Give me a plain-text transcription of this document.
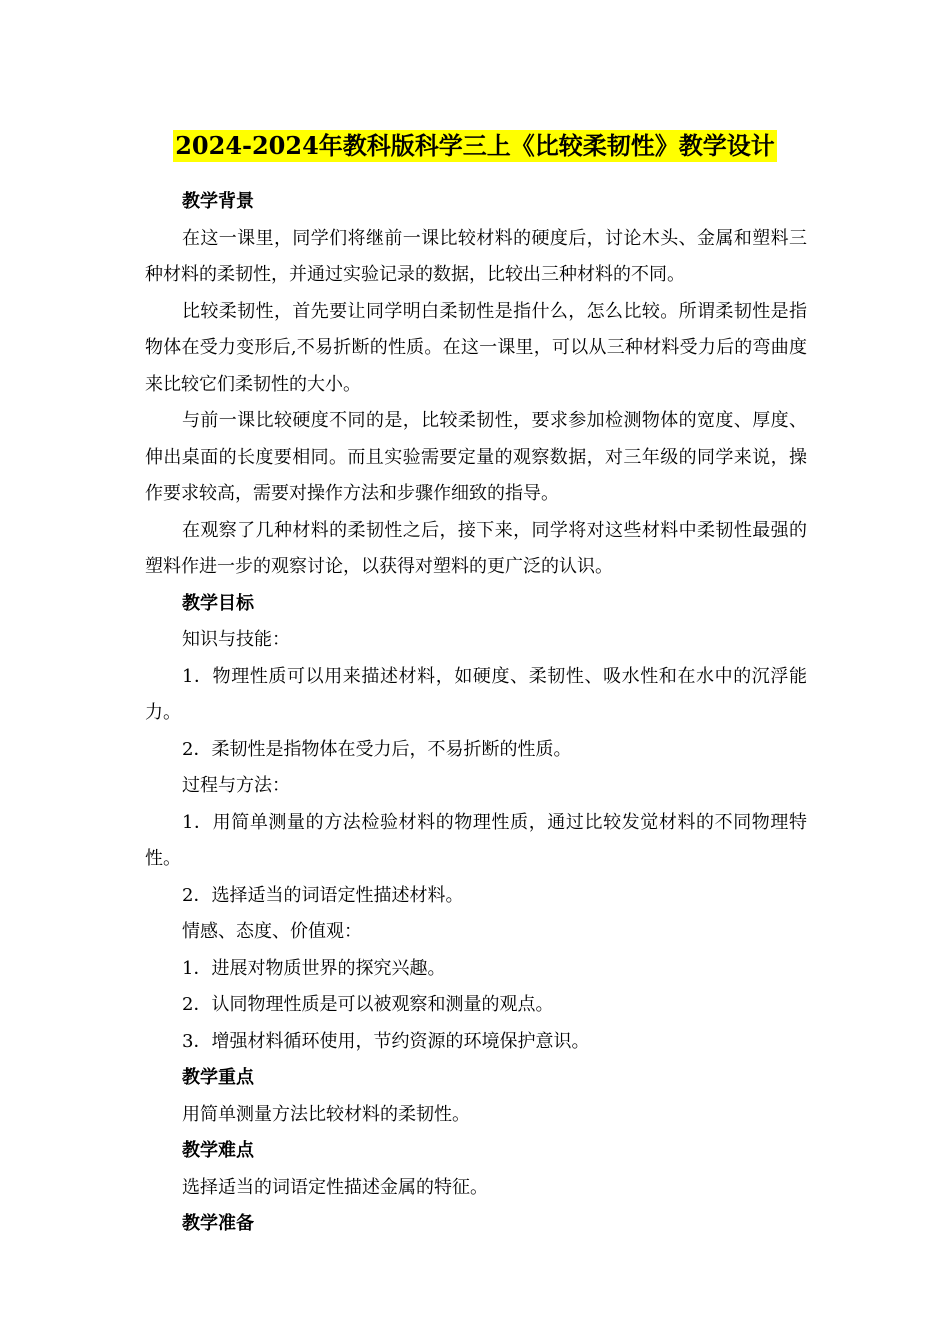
2024-2024年教科版科学三上《比较柔韧性》教学设计

教学背景

在这一课里，同学们将继前一课比较材料的硬度后，讨论木头、金属和塑料三种材料的柔韧性，并通过实验记录的数据，比较出三种材料的不同。

比较柔韧性，首先要让同学明白柔韧性是指什么，怎么比较。所谓柔韧性是指物体在受力变形后,不易折断的性质。在这一课里，可以从三种材料受力后的弯曲度来比较它们柔韧性的大小。

与前一课比较硬度不同的是，比较柔韧性，要求参加检测物体的宽度、厚度、伸出桌面的长度要相同。而且实验需要定量的观察数据，对三年级的同学来说，操作要求较高，需要对操作方法和步骤作细致的指导。

在观察了几种材料的柔韧性之后，接下来，同学将对这些材料中柔韧性最强的塑料作进一步的观察讨论，以获得对塑料的更广泛的认识。

教学目标

知识与技能：

1．物理性质可以用来描述材料，如硬度、柔韧性、吸水性和在水中的沉浮能力。

2．柔韧性是指物体在受力后，不易折断的性质。

过程与方法：

1．用简单测量的方法检验材料的物理性质，通过比较发觉材料的不同物理特性。

2．选择适当的词语定性描述材料。

情感、态度、价值观：

1．进展对物质世界的探究兴趣。

2．认同物理性质是可以被观察和测量的观点。

3．增强材料循环使用，节约资源的环境保护意识。

教学重点

用简单测量方法比较材料的柔韧性。

教学难点

选择适当的词语定性描述金属的特征。

教学准备
